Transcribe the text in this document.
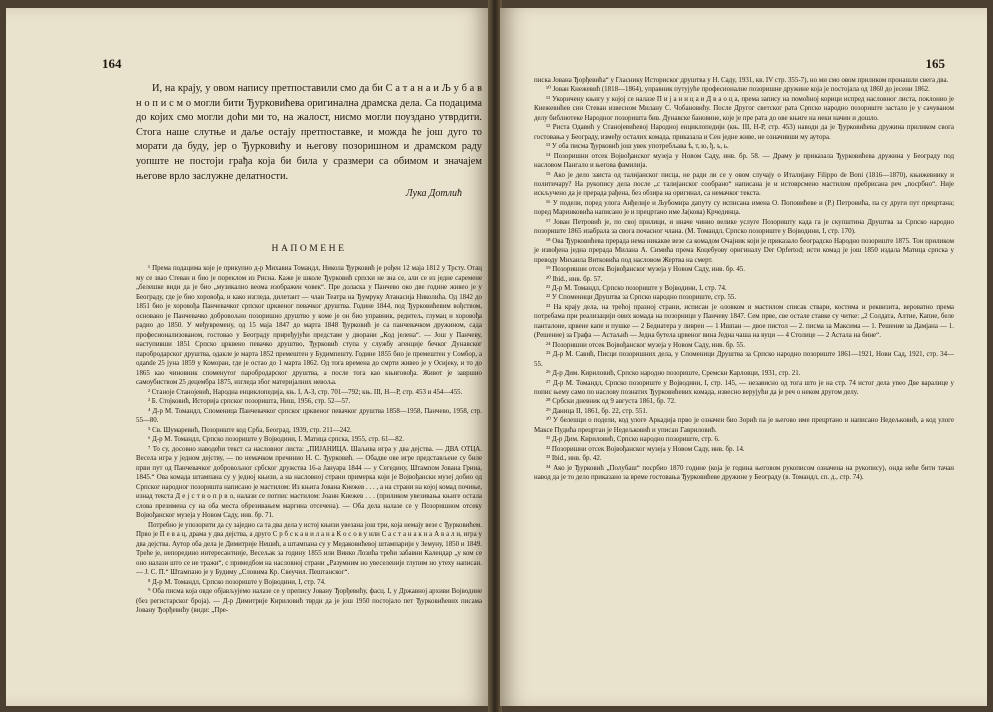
164

И, на крају, у овом напису претпоставили смо да би С а т а н а и Љ у б а в н о п и с м о могли бити Ђурковићева оригинална драмска дела. Са подацима до којих смо могли доћи ми то, на жалост, нисмо могли поуздано утврдити. Стога наше слутње и даље остају претпоставке, и можда ће још дуго то морати да буду, јер о Ђурковићу и његову позоришном и драмском раду уопште не постоји грађа која би била у сразмери са обимом и значајем његове врло заслужне делатности.

Лука Дотлић

НАПОМЕНЕ

¹ Према подацима које је прикупио д-р Михавиа Томандл, Никола Ђурковић је рођен 12 маја 1812 у Трсту. Отац му се звао Стеван и био је пореклом из Рисна. Каже је школе Ђурковић српски не зна се, али се из једне саремене „белешке види да је био „музикално веома изображен човек“. Пре доласка у Панчево око две године живео је у Београду, где је био хоровођа, и како изгледа, дилетант — члан Театра на Ђумруку Атанасија Николића. Од 1842 до 1851 био је хоровођа Панчевачког српског црквеног певачког друштва. Године 1844, под Ђурковићевим вођством, основано је Панчевачко добровољно позоришно друштво у коме је он био управник, редитељ, глумац и хоровођа радио до 1850. У међувремену, од 15 маја 1847 до марта 1848 Ђурковић је са панчевачком дружином, сада професионализованом, гостовао у Београду прирeђујући представе у дворани „Код јелена“. — Још у Панчеву, наступивши 1851 Српско црквено певачко друштво, Ђурковић ступа у службу агенције бечког Дунавског паробродарског друштва, одакле је марта 1852 премештен у Будимпешту. Године 1855 био је премештен у Сомбор, а одande 25 јуна 1859 у Коморан, где је остао до 1 марта 1862. Од тога времена до смрти живео је у Осијеку, и то до 1865 као чиновник споменутог паробродарског друштва, а после тога као књиговођа. Живот је завршио самоубиством 25 децембра 1875, изгледа због материјалних невоља.

² Станоје Станојевић, Народна енциклопедија, књ. I, А-З, стр. 701—792; књ. III, Н—Р, стр. 453 и 454—455.

³ Б. Стојковић, Историја српског позоришта, Ниш, 1956, стр. 52—57.

⁴ Д-р М. Томандл, Споменица Панчевачког српског црквеног певачког друштва 1858—1958, Панчево, 1958, стр. 55—80.

⁵ Св. Шумаревић, Позориште код Срба, Београд, 1939, стр. 211—242.

⁶ Д-р М. Томандл, Српско позориште у Војводини, I. Матица српска, 1955, стр. 61—82.

⁷ То су, досовно наводећи текст са насловног листа: „ПИЈАНИЦА. Шаљива игра у два дејства. — ДВА ОТЦА. Весела игра у једном дејству, — по немачком прeчинио Н. С. Ђурковић. — Обадве ове игре представљене су биле први пут од Панчевачког добровољног србског дружства 16-а Јануара 1844 — у Сегедину, Штампом Јована Грина, 1845.“ Ова комада штампана су у једној књизи, а на насловној страни примерка који је Војвођански музеј добио од Српског народног позоришта написано је мастилом: Из књига Јована Кнежев . . . , а на страни на којој комад почиње, изнад текста Д е ј с т в о п р в о, налази се потпис мастилом: Јоанн Кнежев . . . (приликом увезивања књиге остала слова презимена су на оба места обрезивањем маргина отсечена). — Оба дела налазе се у Позоришном отсеку Војвођанског музеја у Новом Саду, инв. бр. 71.

Потребно је упозорити да су заједно са та два дела у истој књизи увезана још три, која немају везе с Ђурковићем. Прво је П е в а ц, драма у два дејства, а друго С р б с к а в и л а н а К о с о в у или С а с т а н а к н а А в а л и, игра у два дејства. Аутор оба дела је Димитрије Нешић, а штампана су у Медаковићевој штампарији у Земуну, 1850 и 1849. Треће је, непоредино интересантније, Весељак за годину 1855 или Винко Лозића трећи забавни Календар „у ком се оно налази што се не тражи“, с примедбом на насловној страни „Разумним но увеселеније глупим но утеху написан. — Ј. С. П.“ Штампано је у Будиму „Словима Кр. Свеучил. Пештанског“.

⁸ Д-р М. Томандл, Српско позориште у Војводини, I, стр. 74.

⁹ Оба писма која овде објављујемо налазе се у препису Јовану Ђорђевићу, фасц. I, у Државној архиви Војводине (без регистарског броја). — Д-р Димитрије Кириловић тврди да је још 1950 постојало пет Ђурковићевих писама Јовану Ђорђевићу (види: „Пре-

165

писка Јована Ђорђевића“ у Гласнику Историског друштва у Н. Саду, 1931, кв. IV стр. 355-7), но ми смо овом приликом пронашли свега два.

¹⁰ Јован Кнежевић (1818—1864), управник путујуће професионалне позоришне дружине која је постојала од 1860 до јесени 1862.

¹¹ Укоричену књигу у којој се налазе П и ј а н и ц а и Д в а о ц а, према запису на помоћној корици испред насловног листа, поклонио је Кнежевићев син Стеван извесном Милану С. Чобановићу. После Другог светског рата Српско народно позориште застало је у сачуваном делу библиотеке Народног позоришта бив. Дунавске бановине, које је пре рата до ове књиге на неки начин и дошло.

¹² Риста Одавић у Станојевићевој Народној енциклопедији (књ. III, Н-Р, стр. 453) наводи да је Ђурковићева дружина приликом свога гостовања у Београду, између осталих комада, приказала и Сен једне живе, не означивши му аутора.

¹³ У оба писма Ђурковић још увек употребљава ѣ, т, ю, ђ, ъ, ь.

¹⁴ Позоришни отсек Војвођанског музеја у Новом Саду, инв. бр. 58. — Драму је приказала Ђурковићева дружина у Београду под насловом Пангало и његова фамилија.

¹⁵ Ако је дело заиста од талијанског писца, не ради ли се у овом случају о Италијану Filippo de Boni (1816—1870), књижевнику и политичару? На рукопису дела после „с талијанског сообрано“ написана је и истоврсмено мастилом пребрисана реч „посрбно“. Није искључено да је прерада рађена, без обзира на оригинал, са немачког текста.

¹⁶ У подели, поред улога Анђелије и Љубомира дапуту су исписана имена О. Поповићеве и (Р.) Петровића, па су други пут прецртана; поред Маринковића написано је и прецртано име Ја(кова) Крчединца.

¹⁷ Јован Петровић је, по свој прилици, и иначе чинио велике услуге Позоришту када га је скупштина Друштва за Српско народно позориште 1865 изабрала за свога почасног члана. (М. Томандл, Српско позориште у Војводини, I, стр. 170).

¹⁸ Ова Ђурковићева прерада нема никакве везе са комадом Очајник који је приказало београдско Народно позориште 1875. Тои приликом је извођена једна прерада Милана А. Симића према Коцебуову оригиналу Der Opfertod; исти комад је још 1850 издала Матица српска у преводу Михаила Витковића под насловом Жертва на смерт.

¹⁹ Позоришни отсек Војвођанског музеја у Новом Саду, инв. бр. 45.

²⁰ Ibid., инв. бр. 57.

²¹ Д-р М. Томандл, Српско позориште у Војводини, I, стр. 74.

²² У Споменици Друштва за Српско народно позориште, стр. 55.

²³ На крају дела, на трећој празној страни, исписан је оловком и мастилом списак ствари, костима и реквизита, вероватно према потребама при реализацији ових комада на позорници у Панчеву 1847. Сем прве, све остале ставке су читке: „2 Солдата, Алтие, Капие, беле панталоне, црвене капе и пушке — 2 Бедиатера у ливреи — 1 Ишпан — двое пистол — 2. писма за Максима — 1. Решение за Дамјана — 1. (Решение) за Графа — Астаљић — Једна бутела црвеног вина Једна чаша на вуци — 4 Столице — 2 Астала на бине“.

²⁴ Позоришни отсек Војвођанског музеја у Новом Саду, инв. бр. 55.

²⁵ Д-р М. Савић, Писци позоришних дела, у Споменици Друштва за Српско народно позориште 1861—1921, Нови Сад, 1921, стр. 34—55.

²⁶ Д-р Дим. Кириловић, Српско народно позориште, Сремски Карловци, 1931, стр. 21.

²⁷ Д-р М. Томандл, Српско позориште у Војводини, I, стр. 145, — независно од тога што је на стр. 74 истог дела уneo Две варалице у попис њему само по наслову познатих Ђурковићевих комада, извесно верујући да је реч о неком другом делу.

²⁸ Србски дневник од 9 августа 1861, бр. 72.

²⁹ Даница II, 1861, бр. 22, стр. 551.

³⁰ У белешци о подели, код улоге Аркадија прво је означен био Зорић па је његово име прецртано и написано Недељковић, а код улоге Максе Пудића прецртан је Недељковић и уписан Гавриловић.

³¹ Д-р Дим. Кириловић, Српско народно позориште, стр. 6.

³² Позоришни отсек Војвођанског музеја у Новом Саду, инв. бр. 14.

³³ Ibid., инв. бр. 42.

³⁴ Ако је Ђурковић „Полубаш“ посрбио 1870 године (која је година његовом рукописом означена на рукопису), онда неће бити тачан навод да је то дело приказано за време гостовања Ђурковићеве дружине у Београду (в. Томандл, сп. д., стр. 74).
